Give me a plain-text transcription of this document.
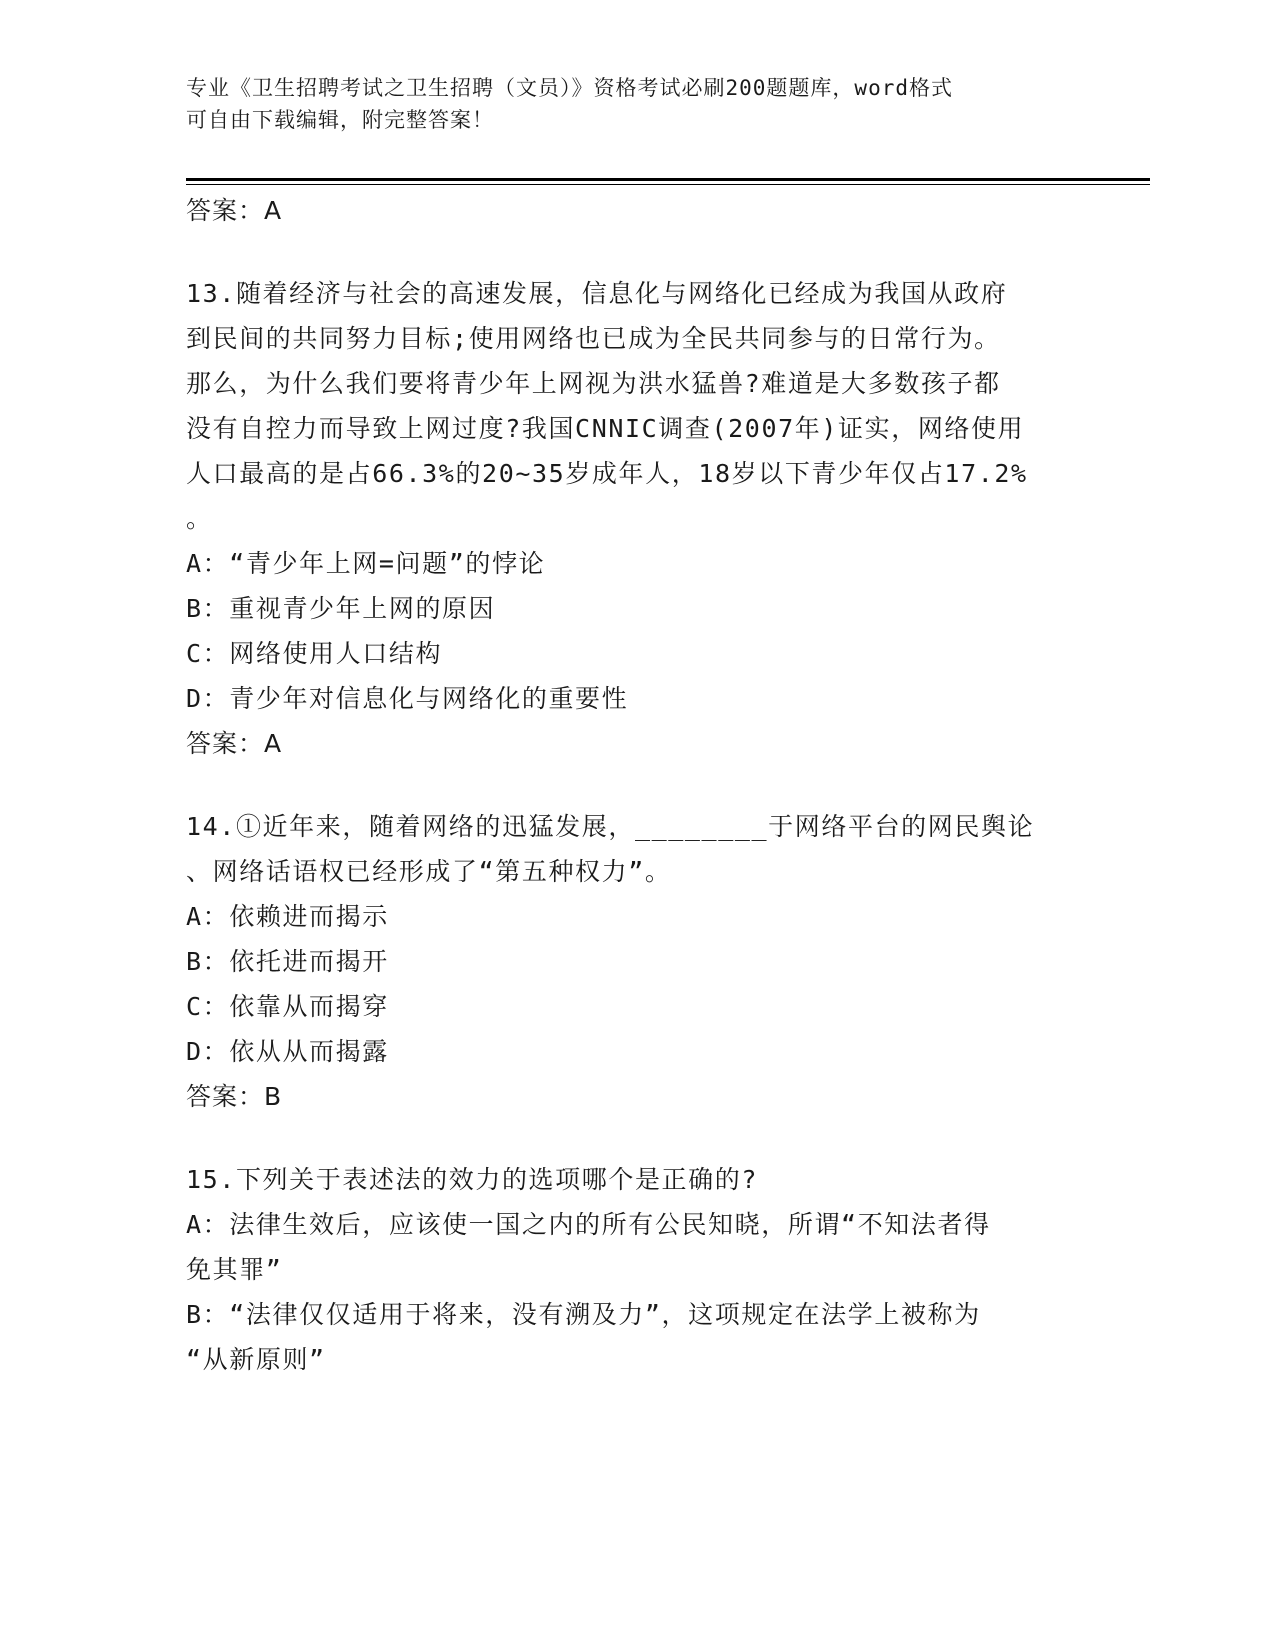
专业《卫生招聘考试之卫生招聘（文员）》资格考试必刷200题题库，word格式
可自由下载编辑，附完整答案！
答案：A
13.随着经济与社会的高速发展，信息化与网络化已经成为我国从政府
到民间的共同努力目标;使用网络也已成为全民共同参与的日常行为。
那么，为什么我们要将青少年上网视为洪水猛兽?难道是大多数孩子都
没有自控力而导致上网过度?我国CNNIC调查(2007年)证实，网络使用
人口最高的是占66.3%的20~35岁成年人，18岁以下青少年仅占17.2%
。
A：“青少年上网=问题”的悖论
B：重视青少年上网的原因
C：网络使用人口结构
D：青少年对信息化与网络化的重要性
答案：A
14.①近年来，随着网络的迅猛发展，________于网络平台的网民舆论
、网络话语权已经形成了“第五种权力”。
A：依赖进而揭示
B：依托进而揭开
C：依靠从而揭穿
D：依从从而揭露
答案：B
15.下列关于表述法的效力的选项哪个是正确的?
A：法律生效后，应该使一国之内的所有公民知晓，所谓“不知法者得
免其罪”
B：“法律仅仅适用于将来，没有溯及力”，这项规定在法学上被称为
“从新原则”
